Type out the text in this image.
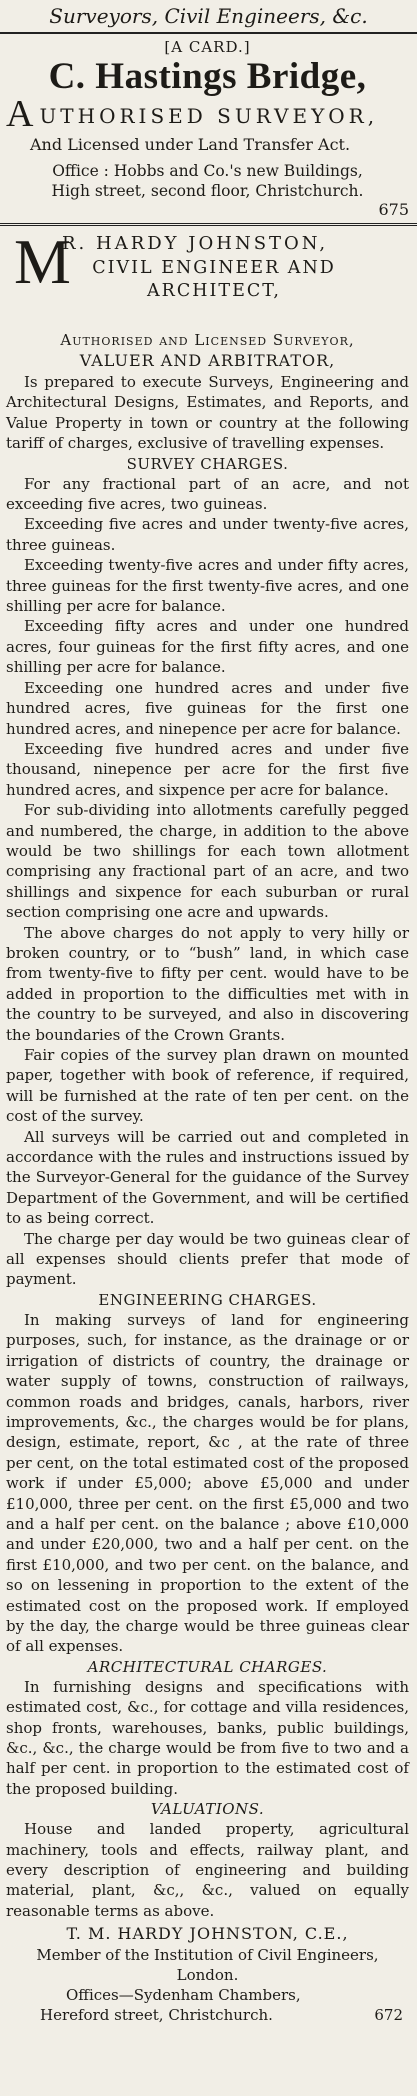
Surveyors, Civil Engineers, &c.
[A CARD.]
C. Hastings Bridge,
AUTHORISED SURVEYOR,
And Licensed under Land Transfer Act.
Office : Hobbs and Co.'s new Buildings,
High street, second floor, Christchurch.
675
M
R. HARDY JOHNSTON,
CIVIL ENGINEER AND
ARCHITECT,
Authorised and Licensed Surveyor,
VALUER AND ARBITRATOR,

Is prepared to execute Surveys, Engineering and Architectural Designs, Estimates, and Reports, and Value Property in town or country at the following tariff of charges, exclusive of travelling expenses.

SURVEY CHARGES.

For any fractional part of an acre, and not exceeding five acres, two guineas.

Exceeding five acres and under twenty-five acres, three guineas.

Exceeding twenty-five acres and under fifty acres, three guineas for the first twenty-five acres, and one shilling per acre for balance.

Exceeding fifty acres and under one hundred acres, four guineas for the first fifty acres, and one shilling per acre for balance.

Exceeding one hundred acres and under five hundred acres, five guineas for the first one hundred acres, and ninepence per acre for balance.

Exceeding five hundred acres and under five thousand, ninepence per acre for the first five hundred acres, and sixpence per acre for balance.

For sub-dividing into allotments carefully pegged and numbered, the charge, in addition to the above would be two shillings for each town allotment comprising any fractional part of an acre, and two shillings and sixpence for each suburban or rural section comprising one acre and upwards.

The above charges do not apply to very hilly or broken country, or to “bush” land, in which case from twenty-five to fifty per cent. would have to be added in proportion to the difficulties met with in the country to be surveyed, and also in discovering the boundaries of the Crown Grants.

Fair copies of the survey plan drawn on mounted paper, together with book of reference, if required, will be furnished at the rate of ten per cent. on the cost of the survey.

All surveys will be carried out and completed in accordance with the rules and instructions issued by the Surveyor-General for the guidance of the Survey Department of the Government, and will be certified to as being correct.

The charge per day would be two guineas clear of all expenses should clients prefer that mode of payment.

ENGINEERING CHARGES.

In making surveys of land for engineering purposes, such, for instance, as the drainage or or irrigation of districts of country, the drainage or water supply of towns, construction of railways, common roads and bridges, canals, harbors, river improvements, &c., the charges would be for plans, design, estimate, report, &c , at the rate of three per cent, on the total estimated cost of the proposed work if under £5,000; above £5,000 and under £10,000, three per cent. on the first £5,000 and two and a half per cent. on the balance ; above £10,000 and under £20,000, two and a half per cent. on the first £10,000, and two per cent. on the balance, and so on lessening in proportion to the extent of the estimated cost on the proposed work. If employed by the day, the charge would be three guineas clear of all expenses.

ARCHITECTURAL CHARGES.

In furnishing designs and specifications with estimated cost, &c., for cottage and villa residences, shop fronts, warehouses, banks, public buildings, &c., &c., the charge would be from five to two and a half per cent. in proportion to the estimated cost of the proposed building.

VALUATIONS.

House and landed property, agricultural machinery, tools and effects, railway plant, and every description of engineering and building material, plant, &c,, &c., valued on equally reasonable terms as above.

T. M. HARDY JOHNSTON, C.E.,
Member of the Institution of Civil Engineers, London.
Offices—Sydenham Chambers,
Hereford street, Christchurch.	672
